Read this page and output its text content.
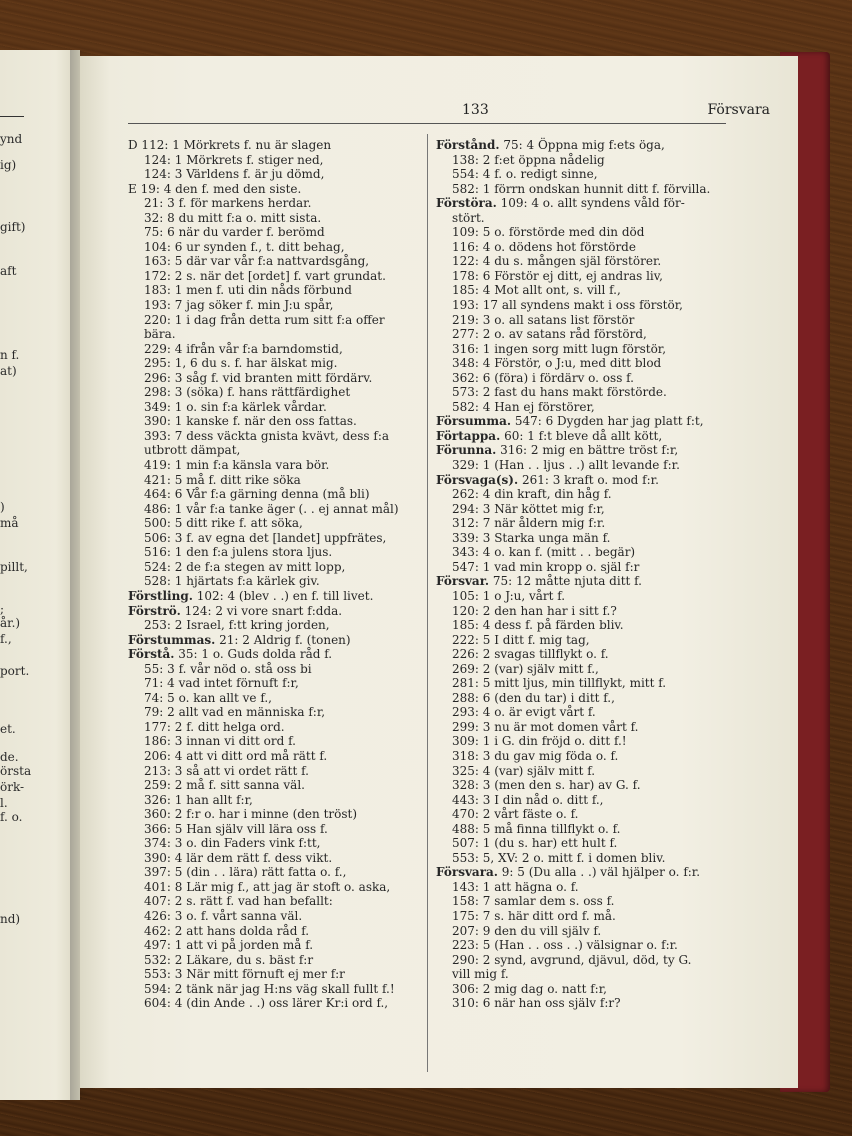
ynd
ig)
gift)
aft
n f.
at)
)
må
pillt,
;
år.)
f.,
port.
et.
de.
örsta
örk-
l.
f. o.
nd)
133	Försvara
D 112: 1 Mörkrets f. nu är slagen
124: 1 Mörkrets f. stiger ned,
124: 3 Världens f. är ju dömd,
E 19: 4 den f. med den siste.
21: 3 f. för markens herdar.
32: 8 du mitt f:a o. mitt sista.
75: 6 när du varder f. berömd
104: 6 ur synden f., t. ditt behag,
163: 5 där var vår f:a nattvardsgång,
172: 2 s. när det [ordet] f. vart grundat.
183: 1 men f. uti din nåds förbund
193: 7 jag söker f. min J:u spår,
220: 1 i dag från detta rum sitt f:a offer
bära.
229: 4 ifrån vår f:a barndomstid,
295: 1, 6 du s. f. har älskat mig.
296: 3 såg f. vid branten mitt fördärv.
298: 3 (söka) f. hans rättfärdighet
349: 1 o. sin f:a kärlek vårdar.
390: 1 kanske f. när den oss fattas.
393: 7 dess väckta gnista kvävt, dess f:a
utbrott dämpat,
419: 1 min f:a känsla vara bör.
421: 5 må f. ditt rike söka
464: 6 Vår f:a gärning denna (må bli)
486: 1 vår f:a tanke äger (. . ej annat mål)
500: 5 ditt rike f. att söka,
506: 3 f. av egna det [landet] uppfrätes,
516: 1 den f:a julens stora ljus.
524: 2 de f:a stegen av mitt lopp,
528: 1 hjärtats f:a kärlek giv.
Förstling. 102: 4 (blev . .) en f. till livet.
Förströ. 124: 2 vi vore snart f:dda.
253: 2 Israel, f:tt kring jorden,
Förstummas. 21: 2 Aldrig f. (tonen)
Förstå. 35: 1 o. Guds dolda råd f.
55: 3 f. vår nöd o. stå oss bi
71: 4 vad intet förnuft f:r,
74: 5 o. kan allt ve f.,
79: 2 allt vad en människa f:r,
177: 2 f. ditt helga ord.
186: 3 innan vi ditt ord f.
206: 4 att vi ditt ord må rätt f.
213: 3 så att vi ordet rätt f.
259: 2 må f. sitt sanna väl.
326: 1 han allt f:r,
360: 2 f:r o. har i minne (den tröst)
366: 5 Han själv vill lära oss f.
374: 3 o. din Faders vink f:tt,
390: 4 lär dem rätt f. dess vikt.
397: 5 (din . . lära) rätt fatta o. f.,
401: 8 Lär mig f., att jag är stoft o. aska,
407: 2 s. rätt f. vad han befallt:
426: 3 o. f. vårt sanna väl.
462: 2 att hans dolda råd f.
497: 1 att vi på jorden må f.
532: 2 Läkare, du s. bäst f:r
553: 3 När mitt förnuft ej mer f:r
594: 2 tänk när jag H:ns väg skall fullt f.!
604: 4 (din Ande . .) oss lärer Kr:i ord f.,
Förstånd. 75: 4 Öppna mig f:ets öga,
138: 2 f:et öppna nådelig
554: 4 f. o. redigt sinne,
582: 1 förrn ondskan hunnit ditt f. förvilla.
Förstöra. 109: 4 o. allt syndens våld för-
stört.
109: 5 o. förstörde med din död
116: 4 o. dödens hot förstörde
122: 4 du s. mången själ förstörer.
178: 6 Förstör ej ditt, ej andras liv,
185: 4 Mot allt ont, s. vill f.,
193: 17 all syndens makt i oss förstör,
219: 3 o. all satans list förstör
277: 2 o. av satans råd förstörd,
316: 1 ingen sorg mitt lugn förstör,
348: 4 Förstör, o J:u, med ditt blod
362: 6 (föra) i fördärv o. oss f.
573: 2 fast du hans makt förstörde.
582: 4 Han ej förstörer,
Försumma. 547: 6 Dygden har jag platt f:t,
Förtappa. 60: 1 f:t bleve då allt kött,
Förunna. 316: 2 mig en bättre tröst f:r,
329: 1 (Han . . ljus . .) allt levande f:r.
Försvaga(s). 261: 3 kraft o. mod f:r.
262: 4 din kraft, din håg f.
294: 3 När köttet mig f:r,
312: 7 när åldern mig f:r.
339: 3 Starka unga män f.
343: 4 o. kan f. (mitt . . begär)
547: 1 vad min kropp o. själ f:r
Försvar. 75: 12 måtte njuta ditt f.
105: 1 o J:u, vårt f.
120: 2 den han har i sitt f.?
185: 4 dess f. på färden bliv.
222: 5 I ditt f. mig tag,
226: 2 svagas tillflykt o. f.
269: 2 (var) själv mitt f.,
281: 5 mitt ljus, min tillflykt, mitt f.
288: 6 (den du tar) i ditt f.,
293: 4 o. är evigt vårt f.
299: 3 nu är mot domen vårt f.
309: 1 i G. din fröjd o. ditt f.!
318: 3 du gav mig föda o. f.
325: 4 (var) själv mitt f.
328: 3 (men den s. har) av G. f.
443: 3 I din nåd o. ditt f.,
470: 2 vårt fäste o. f.
488: 5 må finna tillflykt o. f.
507: 1 (du s. har) ett hult f.
553: 5, XV: 2 o. mitt f. i domen bliv.
Försvara. 9: 5 (Du alla . .) väl hjälper o. f:r.
143: 1 att hägna o. f.
158: 7 samlar dem s. oss f.
175: 7 s. här ditt ord f. må.
207: 9 den du vill själv f.
223: 5 (Han . . oss . .) välsignar o. f:r.
290: 2 synd, avgrund, djävul, död, ty G.
vill mig f.
306: 2 mig dag o. natt f:r,
310: 6 när han oss själv f:r?
